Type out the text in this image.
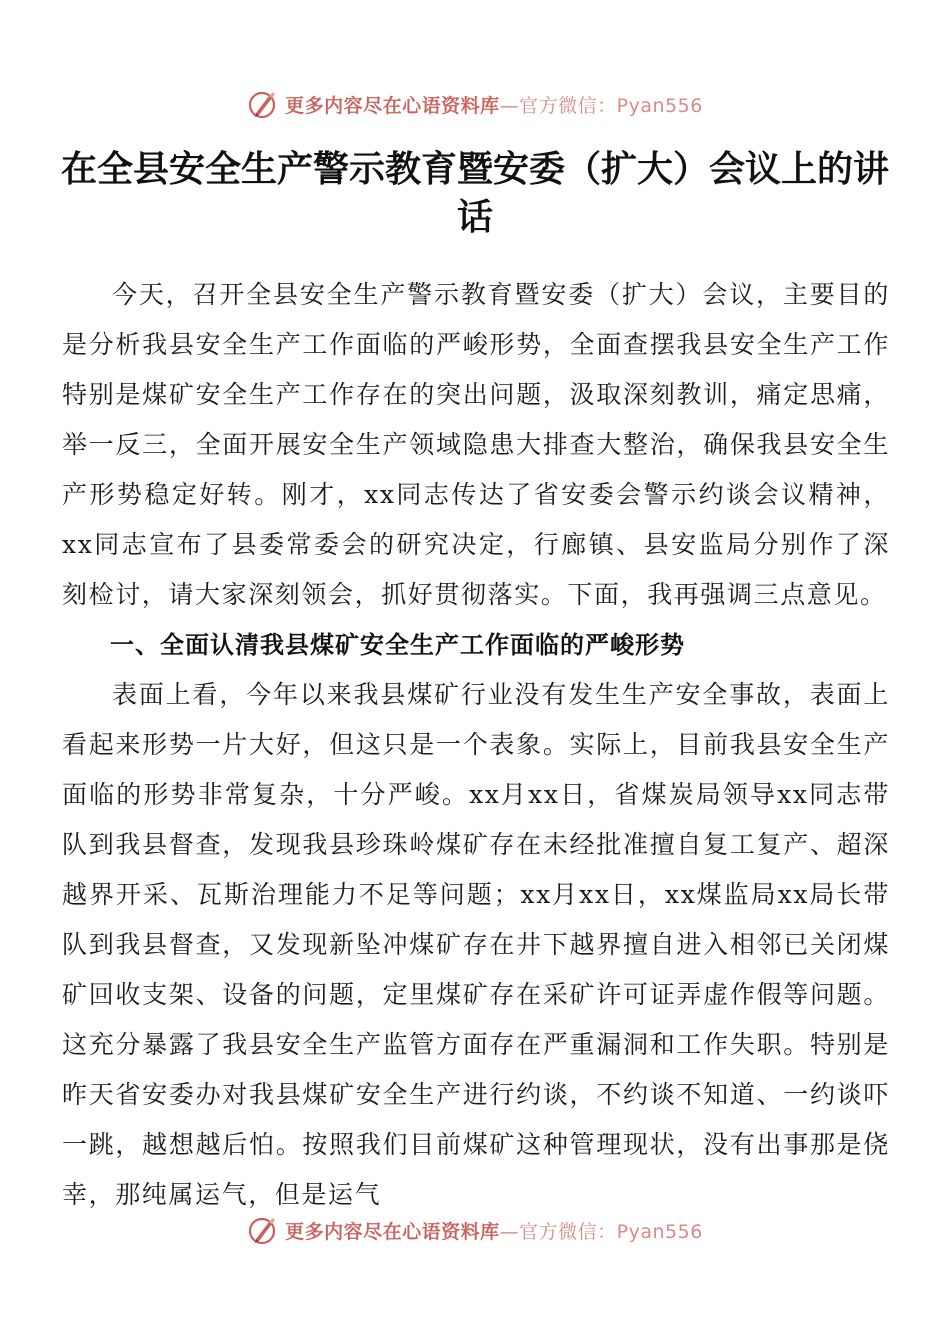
更多内容尽在心语资料库—官方微信：Pyan556
在全县安全生产警示教育暨安委（扩大）会议上的讲话

今天，召开全县安全生产警示教育暨安委（扩大）会议，主要目的是分析我县安全生产工作面临的严峻形势，全面查摆我县安全生产工作特别是煤矿安全生产工作存在的突出问题，汲取深刻教训，痛定思痛，举一反三，全面开展安全生产领域隐患大排查大整治，确保我县安全生产形势稳定好转。刚才，xx同志传达了省安委会警示约谈会议精神，xx同志宣布了县委常委会的研究决定，行廊镇、县安监局分别作了深刻检讨，请大家深刻领会，抓好贯彻落实。下面，我再强调三点意见。

一、全面认清我县煤矿安全生产工作面临的严峻形势

表面上看，今年以来我县煤矿行业没有发生生产安全事故，表面上看起来形势一片大好，但这只是一个表象。实际上，目前我县安全生产面临的形势非常复杂，十分严峻。xx月xx日，省煤炭局领导xx同志带队到我县督查，发现我县珍珠岭煤矿存在未经批准擅自复工复产、超深越界开采、瓦斯治理能力不足等问题；xx月xx日，xx煤监局xx局长带队到我县督查，又发现新坠冲煤矿存在井下越界擅自进入相邻已关闭煤矿回收支架、设备的问题，定里煤矿存在采矿许可证弄虚作假等问题。这充分暴露了我县安全生产监管方面存在严重漏洞和工作失职。特别是昨天省安委办对我县煤矿安全生产进行约谈，不约谈不知道、一约谈吓一跳，越想越后怕。按照我们目前煤矿这种管理现状，没有出事那是侥幸，那纯属运气，但是运气

更多内容尽在心语资料库—官方微信：Pyan556
